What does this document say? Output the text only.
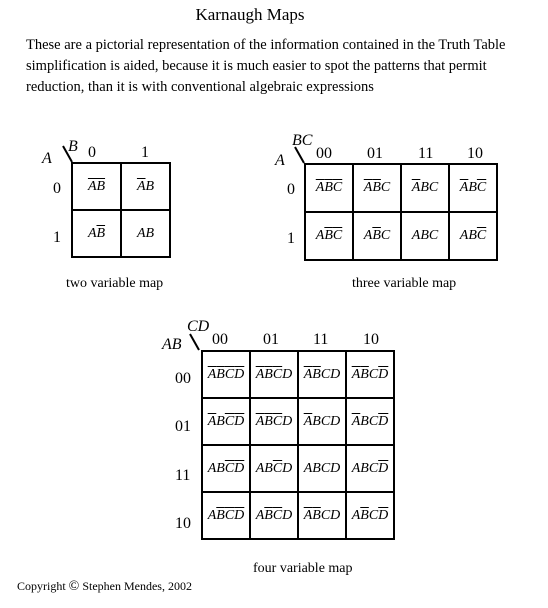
Karnaugh Maps
These are a pictorial representation of the information contained in the Truth Table
simplification is aided, because it is much easier to spot the patterns that permit
reduction, than it is with conventional algebraic expressions
B
A 0	1
0
1
$\overline{A}$ $\overline{B}$ $\overline{A}$ B
A $\overline{B}$ A B
two variable map
BC
A 00 01 11 10
0
1
$\overline{A}$ $\overline{B}$ $\overline{C}$ $\overline{A}$ $\overline{B}$ C $\overline{A}$ B C $\overline{A}$ B $\overline{C}$
A $\overline{B}$ $\overline{C}$ A $\overline{B}$ C A B C A B $\overline{C}$
three variable map
CD
AB 00 01 11 10
00
01
11
10
$\overline{A}$ $\overline{B}$ $\overline{C}$ $\overline{D}$ $\overline{A}$ $\overline{B}$ $\overline{C}$ D $\overline{A}$ $\overline{B}$ C D $\overline{A}$ $\overline{B}$ C $\overline{D}$
$\overline{A}$ B $\overline{C}$ $\overline{D}$ $\overline{A}$ $\overline{B}$ $\overline{C}$ D $\overline{A}$ B C D $\overline{A}$ B C $\overline{D}$
A B $\overline{C}$ $\overline{D}$ A B $\overline{C}$ D A B C D A B C $\overline{D}$
A $\overline{B}$ $\overline{C}$ $\overline{D}$ A $\overline{B}$ $\overline{C}$ D $\overline{A}$ $\overline{B}$ C D A $\overline{B}$ C $\overline{D}$
four variable map
Copyright © Stephen Mendes, 2002
